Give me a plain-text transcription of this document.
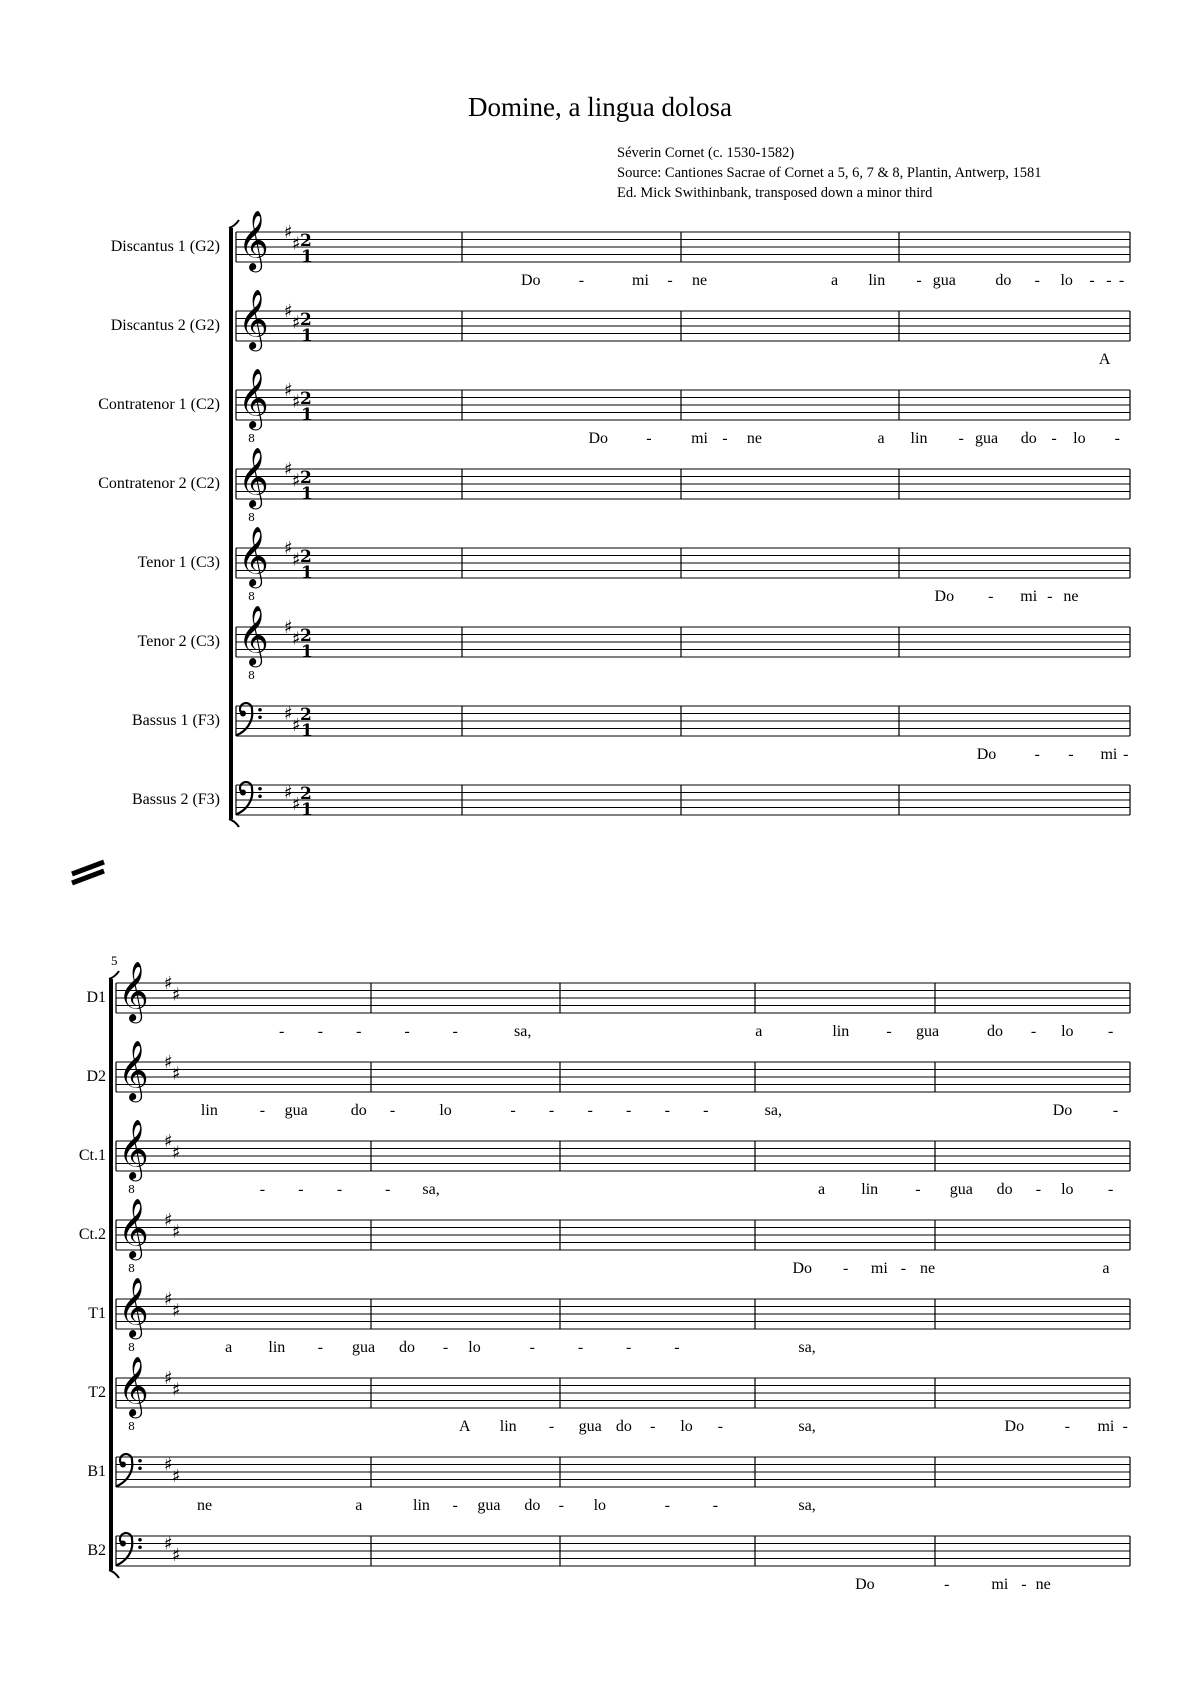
Domine, a lingua dolosa
Séverin Cornet (c. 1530-1582)
Source: Cantiones Sacrae of Cornet a 5, 6, 7 & 8, Plantin, Antwerp, 1581
Ed. Mick Swithinbank, transposed down a minor third
𝄞 ♯
♯ 2
1
𝄞 ♯
♯ 2
1
𝄞
8
♯
♯ 2
1
𝄞
8
♯
♯ 2
1
𝄞
8
♯
♯ 2
1
𝄞
8
♯
♯ 2
1
♯
♯ 2
1
♯
♯ 2
1
𝄞 ♯
♯
𝄞 ♯
♯
𝄞
8
♯
♯
𝄞
8
♯
♯
𝄞
8
♯
♯
𝄞
8
♯
♯
♯
♯
♯
♯
Discantus 1 (G2)
Do -	mi - ne	a lin - gua do - lo - - -
Discantus 2 (G2)
A
Contratenor 1 (C2)
Do - mi - ne	a lin - gua do - lo -
Contratenor 2 (C2)
Tenor 1 (C3)
Do - mi - ne
Tenor 2 (C3)
Bassus 1 (F3)
Do - - mi -
Bassus 2 (F3)
5
D1
- - -	-	-	sa,	a	lin - gua	do - lo -
D2
lin	- gua	do -	lo	- - - - - -	sa,	Do	-
Ct.1
- - -	- sa,	a lin - gua do - lo -
Ct.2
Do - mi - ne	a
T1
a lin - gua do - lo	-	-	-	-	sa,
T2
A lin - gua do - lo -	sa,	Do	- mi -
B1
ne	a	lin - gua do - lo	-	-	sa,
B2
Do	-	mi - ne
